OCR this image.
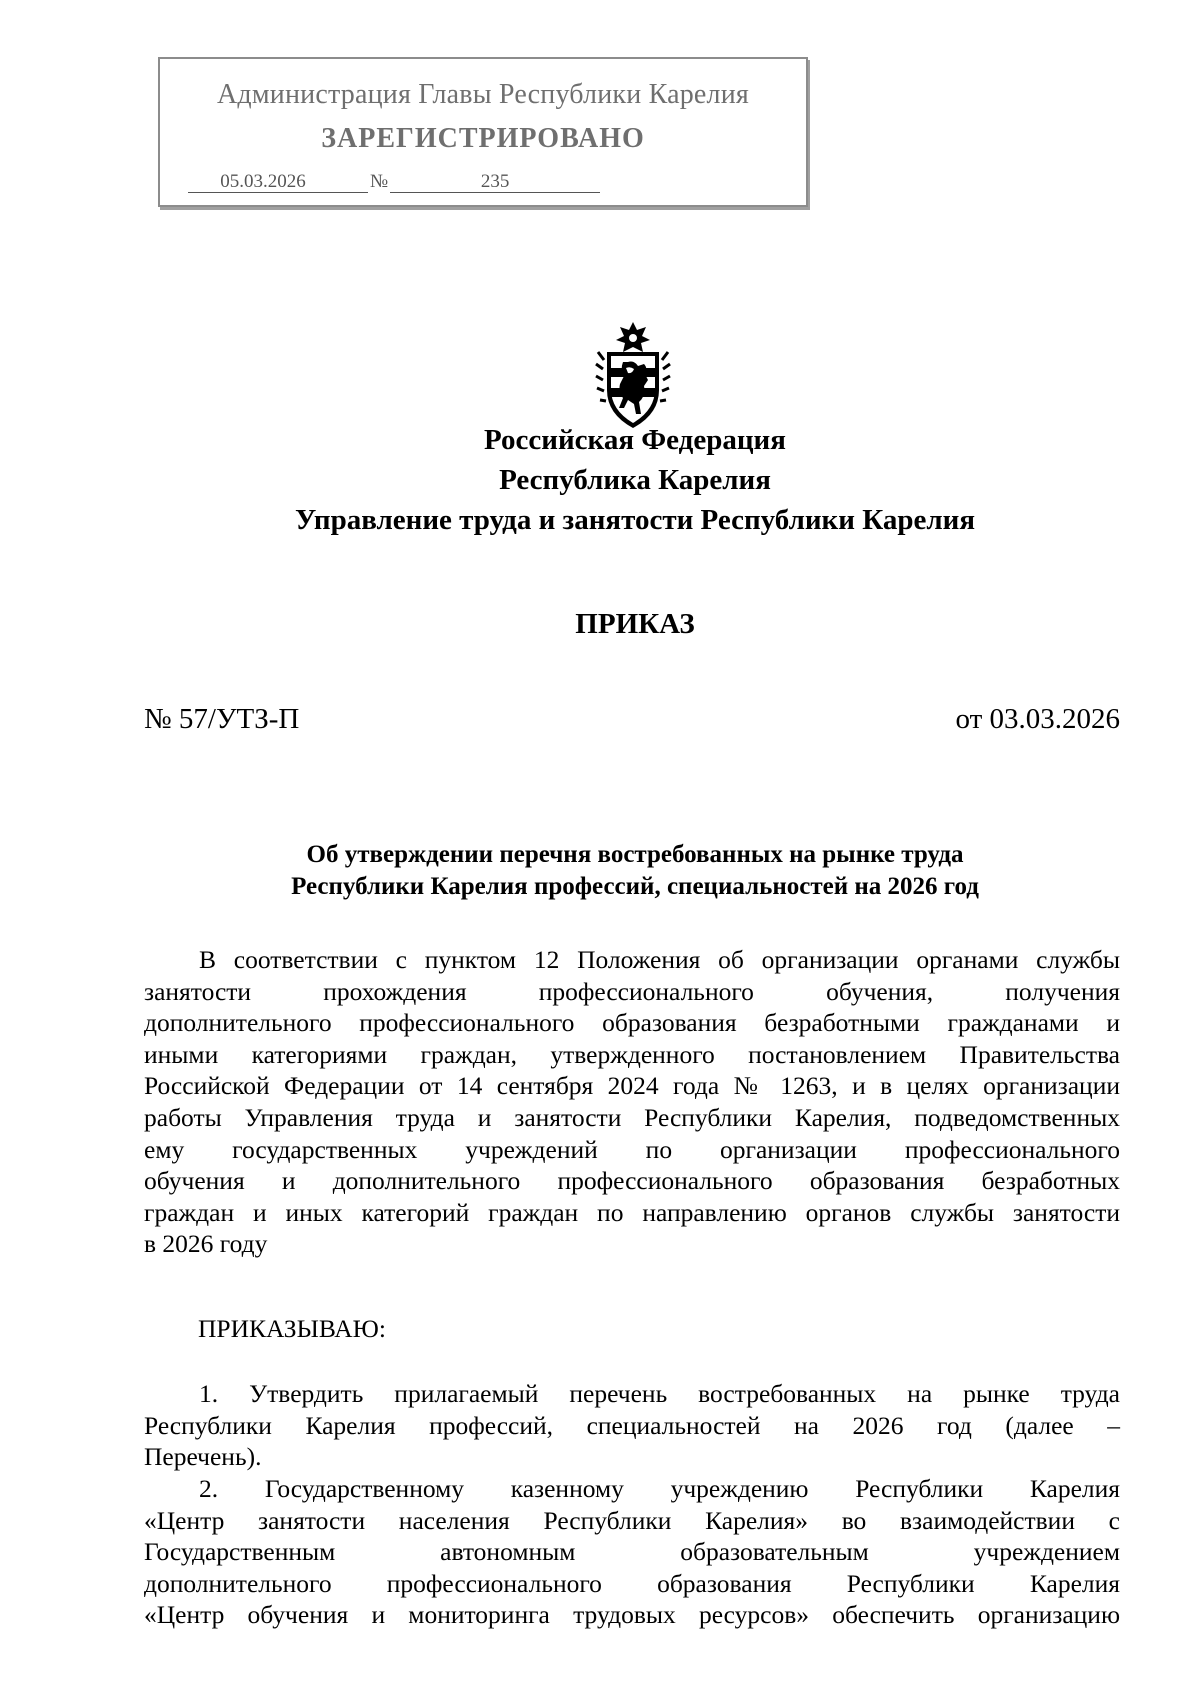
Администрация Главы Республики Карелия
ЗАРЕГИСТРИРОВАНО
05.03.2026	№	235
Российская Федерация
Республика Карелия
Управление труда и занятости Республики Карелия
ПРИКАЗ
№ 57/УТЗ-П	от 03.03.2026
Об утверждении перечня востребованных на рынке труда
Республики Карелия профессий, специальностей на 2026 год
В соответствии с пунктом 12 Положения об организации органами службы
занятости прохождения профессионального обучения, получения
дополнительного профессионального образования безработными гражданами и
иными категориями граждан, утвержденного постановлением Правительства
Российской Федерации от 14 сентября 2024 года № 1263, и в целях организации
работы Управления труда и занятости Республики Карелия, подведомственных
ему государственных учреждений по организации профессионального
обучения и дополнительного профессионального образования безработных
граждан и иных категорий граждан по направлению органов службы занятости
в 2026 году
ПРИКАЗЫВАЮ:
1. Утвердить прилагаемый перечень востребованных на рынке труда
Республики Карелия профессий, специальностей на 2026 год (далее –
Перечень).
2. Государственному казенному учреждению Республики Карелия
«Центр занятости населения Республики Карелия» во взаимодействии с
Государственным автономным образовательным учреждением
дополнительного профессионального образования Республики Карелия
«Центр обучения и мониторинга трудовых ресурсов» обеспечить организацию
